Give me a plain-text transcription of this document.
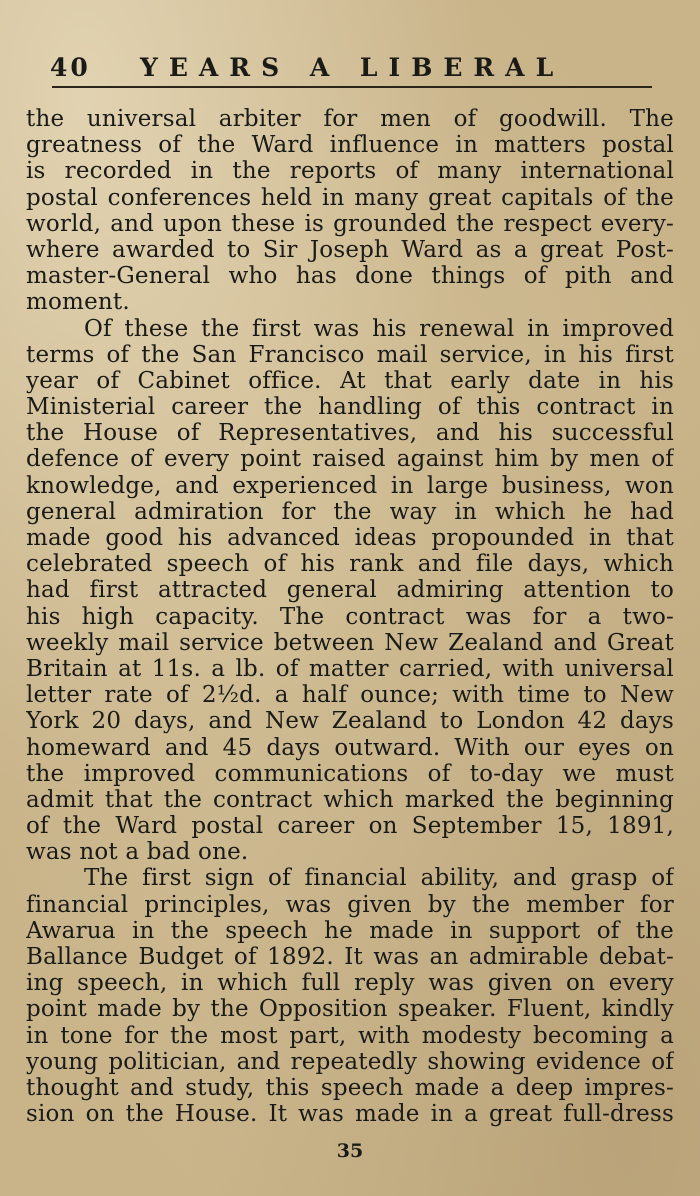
40	YEARS A LIBERAL
the universal arbiter for men of goodwill. The
greatness of the Ward influence in matters postal
is recorded in the reports of many international
postal conferences held in many great capitals of the
world, and upon these is grounded the respect every-
where awarded to Sir Joseph Ward as a great Post-
master-General who has done things of pith and
moment.
Of these the first was his renewal in improved
terms of the San Francisco mail service, in his first
year of Cabinet office. At that early date in his
Ministerial career the handling of this contract in
the House of Representatives, and his successful
defence of every point raised against him by men of
knowledge, and experienced in large business, won
general admiration for the way in which he had
made good his advanced ideas propounded in that
celebrated speech of his rank and file days, which
had first attracted general admiring attention to
his high capacity. The contract was for a two-
weekly mail service between New Zealand and Great
Britain at 11s. a lb. of matter carried, with universal
letter rate of 2½d. a half ounce; with time to New
York 20 days, and New Zealand to London 42 days
homeward and 45 days outward. With our eyes on
the improved communications of to-day we must
admit that the contract which marked the beginning
of the Ward postal career on September 15, 1891,
was not a bad one.
The first sign of financial ability, and grasp of
financial principles, was given by the member for
Awarua in the speech he made in support of the
Ballance Budget of 1892. It was an admirable debat-
ing speech, in which full reply was given on every
point made by the Opposition speaker. Fluent, kindly
in tone for the most part, with modesty becoming a
young politician, and repeatedly showing evidence of
thought and study, this speech made a deep impres-
sion on the House. It was made in a great full-dress
35
